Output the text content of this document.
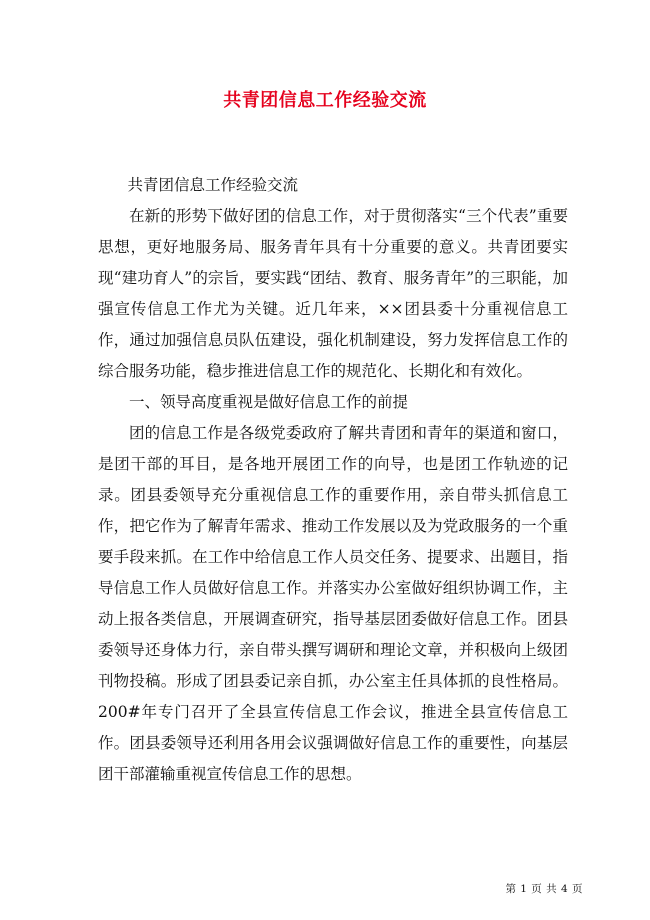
共青团信息工作经验交流

共青团信息工作经验交流

在新的形势下做好团的信息工作，对于贯彻落实“三个代表”重要思想，更好地服务局、服务青年具有十分重要的意义。共青团要实现“建功育人”的宗旨，要实践“团结、教育、服务青年”的三职能，加强宣传信息工作尤为关键。近几年来，××团县委十分重视信息工作，通过加强信息员队伍建设，强化机制建设，努力发挥信息工作的综合服务功能，稳步推进信息工作的规范化、长期化和有效化。

一、领导高度重视是做好信息工作的前提

团的信息工作是各级党委政府了解共青团和青年的渠道和窗口，是团干部的耳目，是各地开展团工作的向导，也是团工作轨迹的记录。团县委领导充分重视信息工作的重要作用，亲自带头抓信息工作，把它作为了解青年需求、推动工作发展以及为党政服务的一个重要手段来抓。在工作中给信息工作人员交任务、提要求、出题目，指导信息工作人员做好信息工作。并落实办公室做好组织协调工作，主动上报各类信息，开展调查研究，指导基层团委做好信息工作。团县委领导还身体力行，亲自带头撰写调研和理论文章，并积极向上级团刊物投稿。形成了团县委记亲自抓，办公室主任具体抓的良性格局。200#年专门召开了全县宣传信息工作会议，推进全县宣传信息工作。团县委领导还利用各用会议强调做好信息工作的重要性，向基层团干部灌输重视宣传信息工作的思想。

第 1 页 共 4 页
